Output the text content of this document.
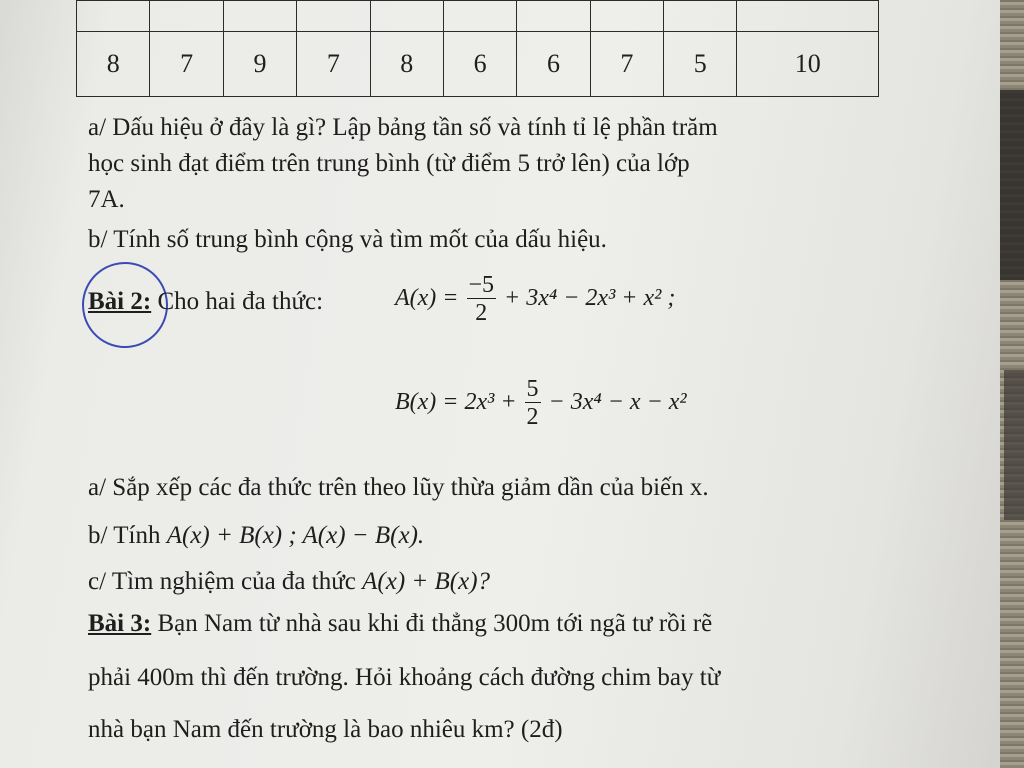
8	7	9	7	8	6	6	7	5	10
a/ Dấu hiệu ở đây là gì? Lập bảng tần số và tính tỉ lệ phần trăm
học sinh đạt điểm trên trung bình (từ điểm 5 trở lên) của lớp
7A.
b/ Tính số trung bình cộng và tìm mốt của dấu hiệu.
Bài 2: Cho hai đa thức:	$A(x) = \frac{-5}{2} + 3x^4 - 2x^3 + x^2$ ;
$B(x) = 2x^3 + \frac{5}{2} - 3x^4 - x - x^2$
a/ Sắp xếp các đa thức trên theo lũy thừa giảm dần của biến x.
b/ Tính A(x) + B(x) ; A(x) − B(x).
c/ Tìm nghiệm của đa thức A(x) + B(x)?
Bài 3: Bạn Nam từ nhà sau khi đi thẳng 300m tới ngã tư rồi rẽ
phải 400m thì đến trường. Hỏi khoảng cách đường chim bay từ
nhà bạn Nam đến trường là bao nhiêu km? (2đ)
